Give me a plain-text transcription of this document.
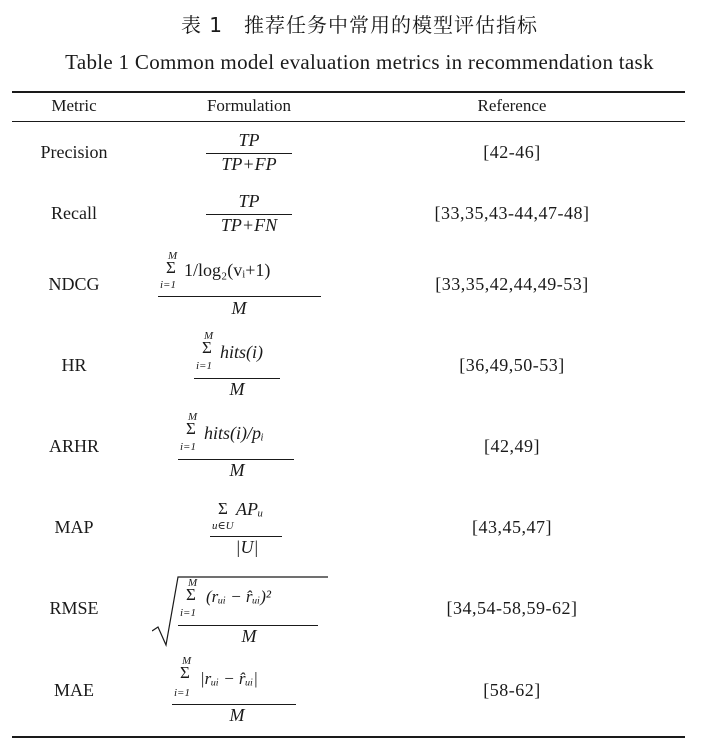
表 1　推荐任务中常用的模型评估指标
Table 1 Common model evaluation metrics in recommendation task
Metric	Formulation	Reference
Precision
TP
TP+FP
[42-46]
Recall
TP
TP+FN
[33,35,43-44,47-48]
NDCG
M
Σ
i=1
1/log₂(vᵢ+1)
M
[33,35,42,44,49-53]
HR
M
Σ
i=1
hits(i)
M
[36,49,50-53]
ARHR
M
Σ
i=1
hits(i)/pᵢ
M
[42,49]
MAP
Σ
u∈U
APᵤ
|U|
[43,45,47]
RMSE
M
Σ
i=1
(rᵤᵢ − r̂ᵤᵢ)²
M
[34,54-58,59-62]
MAE
M
Σ
i=1
|rᵤᵢ − r̂ᵤᵢ|
M
[58-62]
